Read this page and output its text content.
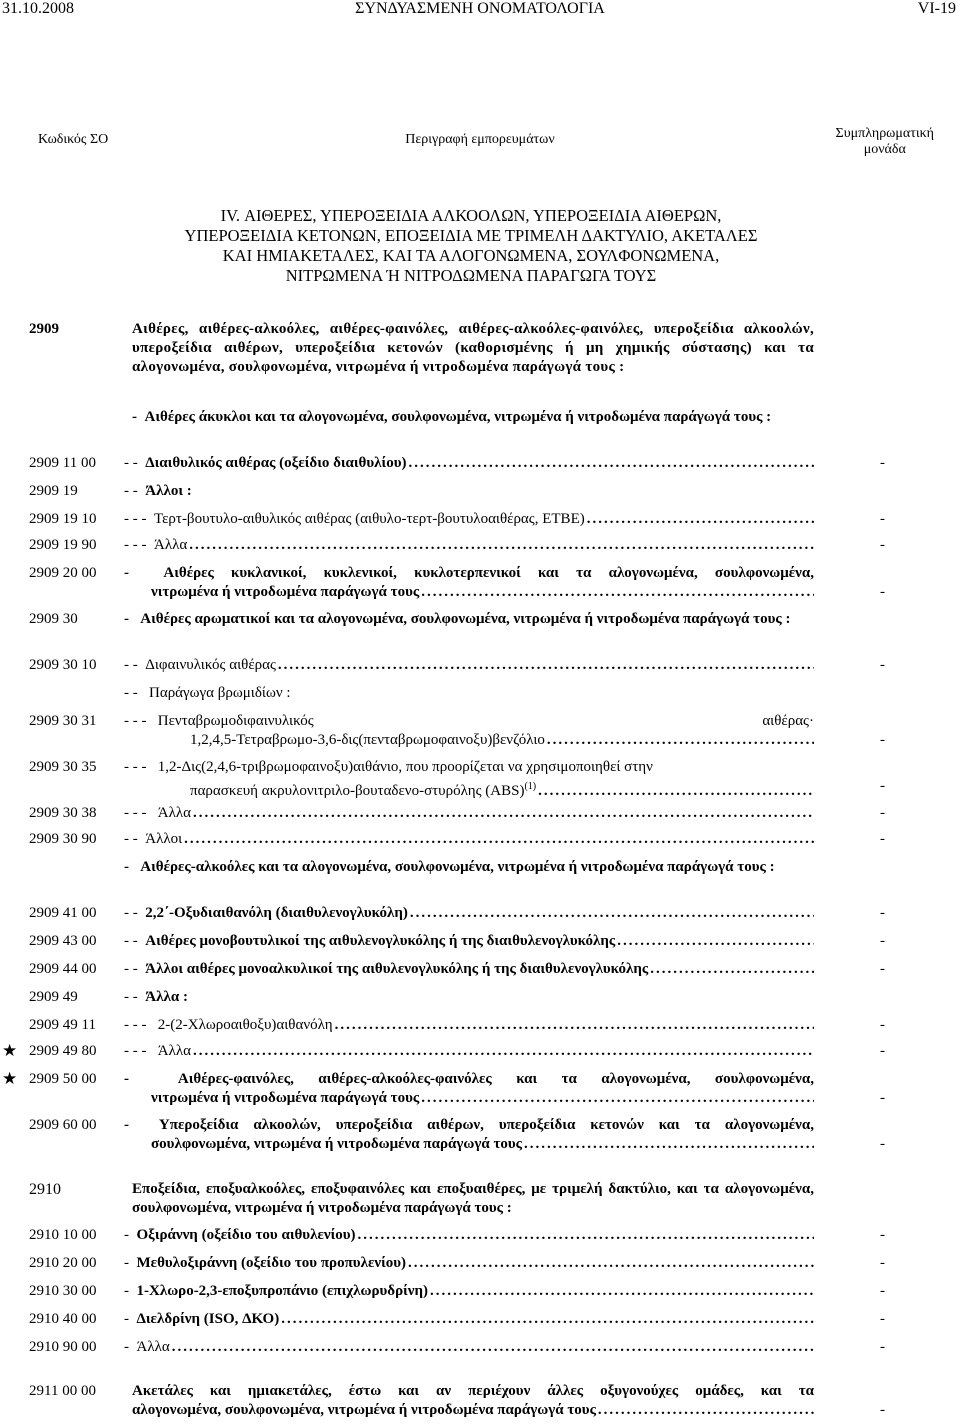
31.10.2008	ΣΥΝΔΥΑΣΜΕΝΗ ΟΝΟΜΑΤΟΛΟΓΙΑ	VI-19
Κωδικός ΣΟ	Περιγραφή εμπορευμάτων	Συμπληρωματική
μονάδα
IV. ΑΙΘΕΡΕΣ, ΥΠΕΡΟΞΕΙΔΙΑ ΑΛΚΟΟΛΩΝ, ΥΠΕΡΟΞΕΙΔΙΑ ΑΙΘΕΡΩΝ,
ΥΠΕΡΟΞΕΙΔΙΑ ΚΕΤΟΝΩΝ, ΕΠΟΞΕΙΔΙΑ ΜΕ ΤΡΙΜΕΛΗ ΔΑΚΤΥΛΙΟ, ΑΚΕΤΑΛΕΣ
ΚΑΙ ΗΜΙΑΚΕΤΑΛΕΣ, ΚΑΙ ΤΑ ΑΛΟΓΟΝΩΜΕΝΑ, ΣΟΥΛΦΟΝΩΜΕΝΑ,
ΝΙΤΡΩΜΕΝΑ Ή ΝΙΤΡΟΔΩΜΕΝΑ ΠΑΡΑΓΩΓΑ ΤΟΥΣ
2909	Αιθέρες, αιθέρες-αλκοόλες, αιθέρες-φαινόλες, αιθέρες-αλκοόλες-φαινόλες, υπεροξείδια αλκοολών, υπεροξείδια αιθέρων, υπεροξείδια κετονών (καθορισμένης ή μη χημικής σύστασης) και τα αλογονωμένα, σουλφονωμένα, νιτρωμένα ή νιτροδωμένα παράγωγά τους :
- Αιθέρες άκυκλοι και τα αλογονωμένα, σουλφονωμένα, νιτρωμένα ή νιτροδωμένα παράγωγά τους :
2909 11 00 - - Διαιθυλικός αιθέρας (οξείδιο διαιθυλίου) .....	-
2909 19	- - Άλλοι :
2909 19 10 - - - Τερτ-βουτυλο-αιθυλικός αιθέρας (αιθυλο-τερτ-βουτυλοαιθέρας, ΕΤΒΕ) .....	-
2909 19 90 - - - Άλλα .....	-
2909 20 00 - Αιθέρες κυκλανικοί, κυκλενικοί, κυκλοτερπενικοί και τα αλογονωμένα, σουλφονωμένα,
νιτρωμένα ή νιτροδωμένα παράγωγά τους .....	-
2909 30	- Αιθέρες αρωματικοί και τα αλογονωμένα, σουλφονωμένα, νιτρωμένα ή νιτροδωμένα παράγωγά τους :
2909 30 10 - - Διφαινυλικός αιθέρας .....	-
- - Παράγωγα βρωμιδίων :
2909 30 31 - - - Πενταβρωμοδιφαινυλικός	αιθέρας·
1,2,4,5-Τετραβρωμο-3,6-δις(πενταβρωμοφαινοξυ)βενζόλιο .....	-
2909 30 35 - - - 1,2-Δις(2,4,6-τριβρωμοφαινοξυ)αιθάνιο, που προορίζεται να χρησιμοποιηθεί στην
παρασκευή ακρυλονιτριλο-βουταδενο-στυρόλης (ABS)$^{(1)}$ .....	-
2909 30 38 - - - Άλλα .....	-
2909 30 90 - - Άλλοι .....	-
- Αιθέρες-αλκοόλες και τα αλογονωμένα, σουλφονωμένα, νιτρωμένα ή νιτροδωμένα παράγωγά τους :
2909 41 00 - - 2,2΄-Οξυδιαιθανόλη (διαιθυλενογλυκόλη) .....	-
2909 43 00 - - Αιθέρες μονοβουτυλικοί της αιθυλενογλυκόλης ή της διαιθυλενογλυκόλης .....	-
2909 44 00 - - Άλλοι αιθέρες μονοαλκυλικοί της αιθυλενογλυκόλης ή της διαιθυλενογλυκόλης .....	-
2909 49	- - Άλλα :
2909 49 11 - - - 2-(2-Χλωροαιθοξυ)αιθανόλη .....	-
★ 2909 49 80 - - - Άλλα .....	-
★ 2909 50 00 -	Αιθέρες-φαινόλες, αιθέρες-αλκοόλες-φαινόλες και τα αλογονωμένα, σουλφονωμένα,
νιτρωμένα ή νιτροδωμένα παράγωγά τους .....	-
2909 60 00 - Υπεροξείδια αλκοολών, υπεροξείδια αιθέρων, υπεροξείδια κετονών και τα αλογονωμένα,
σουλφονωμένα, νιτρωμένα ή νιτροδωμένα παράγωγά τους .....	-
2910	Εποξείδια, εποξυαλκοόλες, εποξυφαινόλες και εποξυαιθέρες, με τριμελή δακτύλιο, και τα αλογονωμένα, σουλφονωμένα, νιτρωμένα ή νιτροδωμένα παράγωγά τους :
2910 10 00 - Οξιράννη (οξείδιο του αιθυλενίου) .....	-
2910 20 00 - Μεθυλοξιράννη (οξείδιο του προπυλενίου) .....	-
2910 30 00 - 1-Χλωρο-2,3-εποξυπροπάνιο (επιχλωρυδρίνη) .....	-
2910 40 00 - Διελδρίνη (ISO, ΔΚΟ) .....	-
2910 90 00 - Άλλα .....	-
2911 00 00 Ακετάλες και ημιακετάλες, έστω και αν περιέχουν άλλες οξυγονούχες ομάδες, και τα
αλογονωμένα, σουλφονωμένα, νιτρωμένα ή νιτροδωμένα παράγωγά τους .....	-
